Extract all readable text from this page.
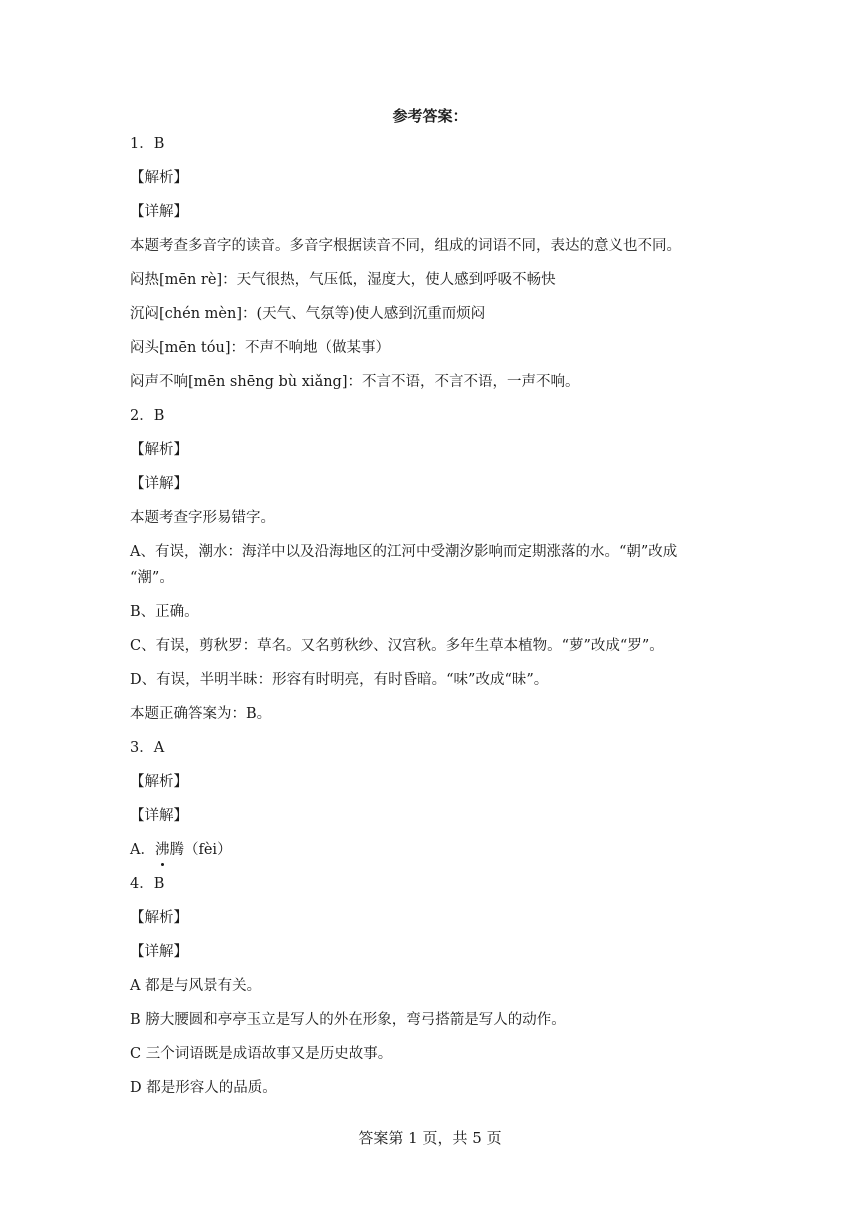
参考答案：
1．B
【解析】
【详解】
本题考查多音字的读音。多音字根据读音不同，组成的词语不同，表达的意义也不同。
闷热[mēn rè]：天气很热，气压低，湿度大，使人感到呼吸不畅快
沉闷[chén mèn]：(天气、气氛等)使人感到沉重而烦闷
闷头[mēn tóu]：不声不响地（做某事）
闷声不响[mēn shēng bù xiǎng]：不言不语，不言不语，一声不响。
2．B
【解析】
【详解】
本题考查字形易错字。
A、有误，潮水：海洋中以及沿海地区的江河中受潮汐影响而定期涨落的水。“朝”改成
“潮”。
B、正确。
C、有误，剪秋罗：草名。又名剪秋纱、汉宫秋。多年生草本植物。“萝”改成“罗”。
D、有误，半明半昧：形容有时明亮，有时昏暗。“味”改成“昧”。
本题正确答案为：B。
3．A
【解析】
【详解】
A．沸腾（fèi）
4．B
【解析】
【详解】
A 都是与风景有关。
B 膀大腰圆和亭亭玉立是写人的外在形象，弯弓搭箭是写人的动作。
C 三个词语既是成语故事又是历史故事。
D 都是形容人的品质。
答案第 1 页，共 5 页
